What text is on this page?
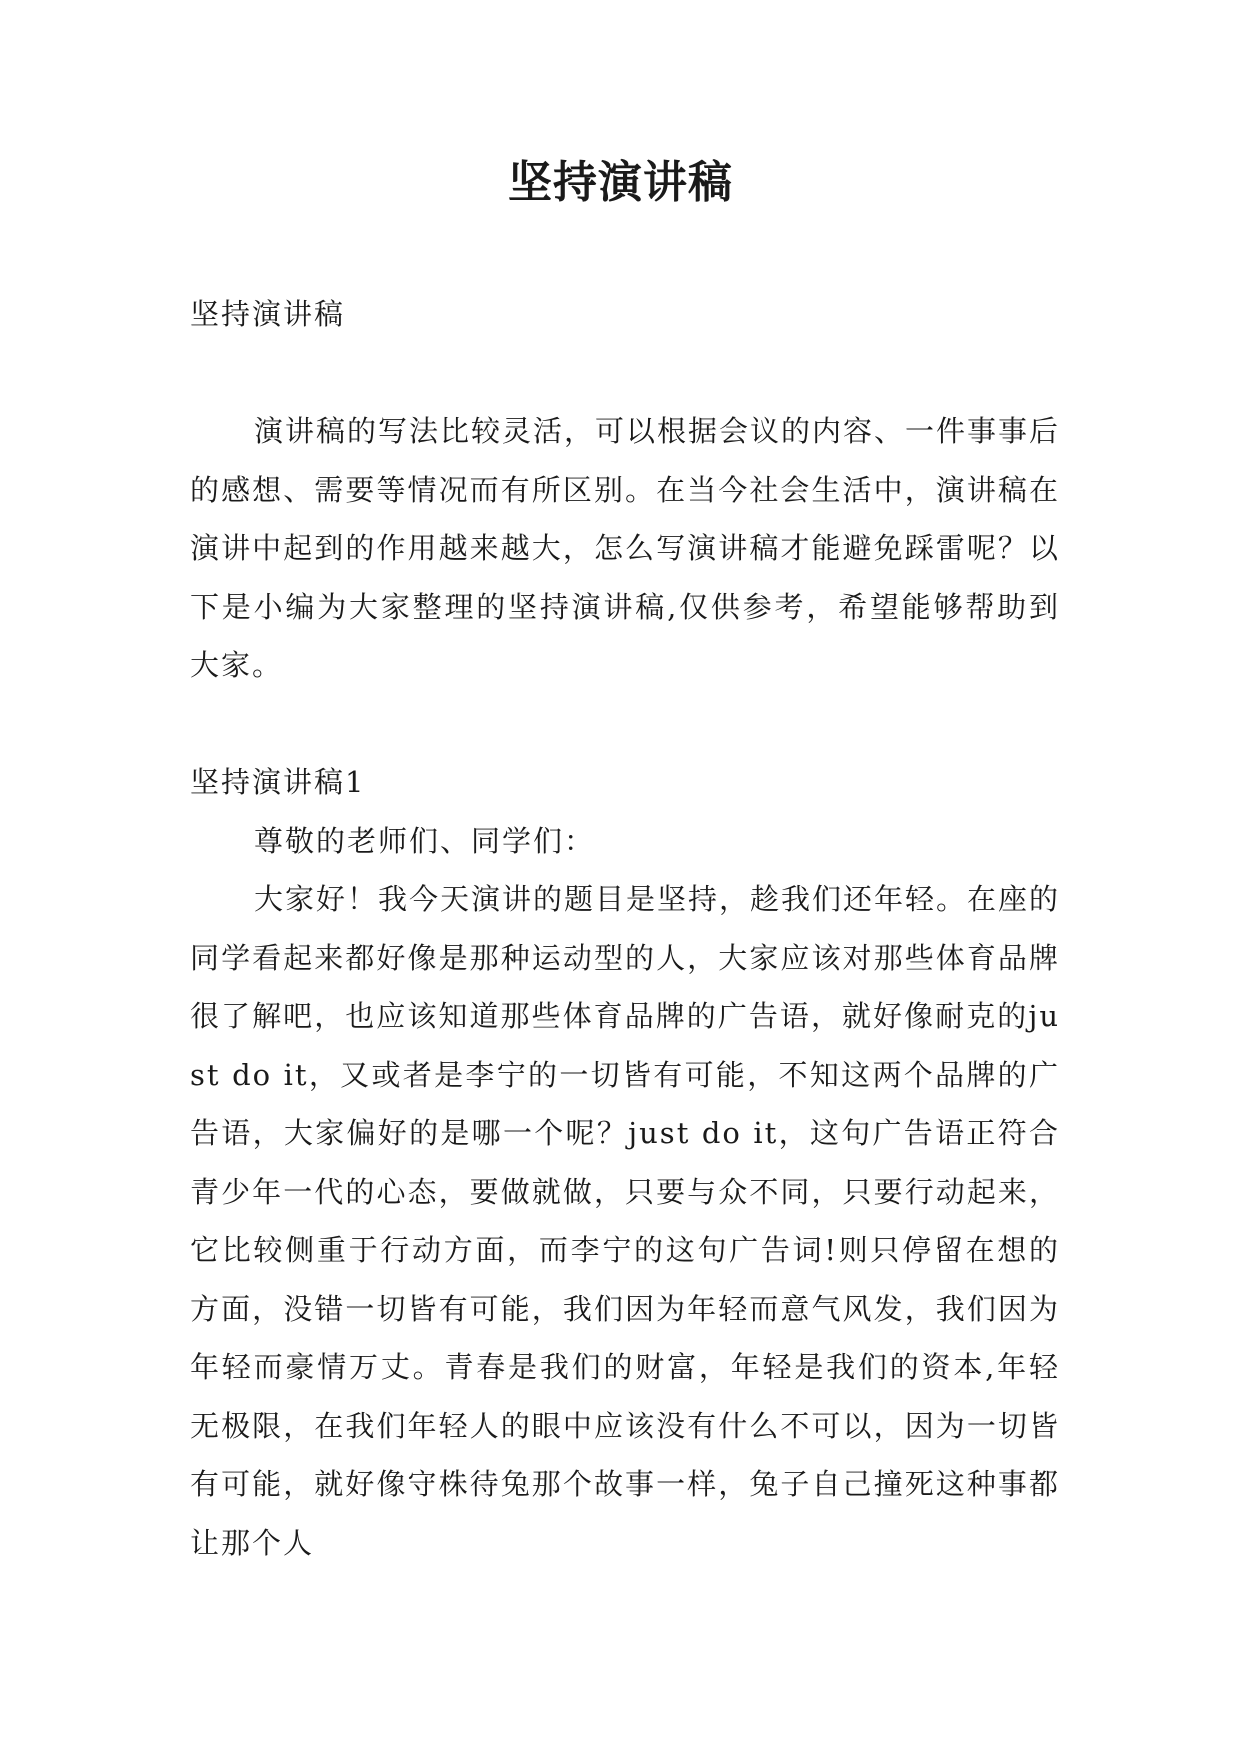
坚持演讲稿

坚持演讲稿

演讲稿的写法比较灵活，可以根据会议的内容、一件事事后的感想、需要等情况而有所区别。在当今社会生活中，演讲稿在演讲中起到的作用越来越大，怎么写演讲稿才能避免踩雷呢？以下是小编为大家整理的坚持演讲稿,仅供参考，希望能够帮助到大家。

坚持演讲稿1

尊敬的老师们、同学们：

大家好！我今天演讲的题目是坚持，趁我们还年轻。在座的同学看起来都好像是那种运动型的人，大家应该对那些体育品牌很了解吧，也应该知道那些体育品牌的广告语，就好像耐克的just do it，又或者是李宁的一切皆有可能，不知这两个品牌的广告语，大家偏好的是哪一个呢？just do it，这句广告语正符合青少年一代的心态，要做就做，只要与众不同，只要行动起来，它比较侧重于行动方面，而李宁的这句广告词!则只停留在想的方面，没错一切皆有可能，我们因为年轻而意气风发，我们因为年轻而豪情万丈。青春是我们的财富，年轻是我们的资本,年轻无极限，在我们年轻人的眼中应该没有什么不可以，因为一切皆有可能，就好像守株待兔那个故事一样，兔子自己撞死这种事都让那个人
